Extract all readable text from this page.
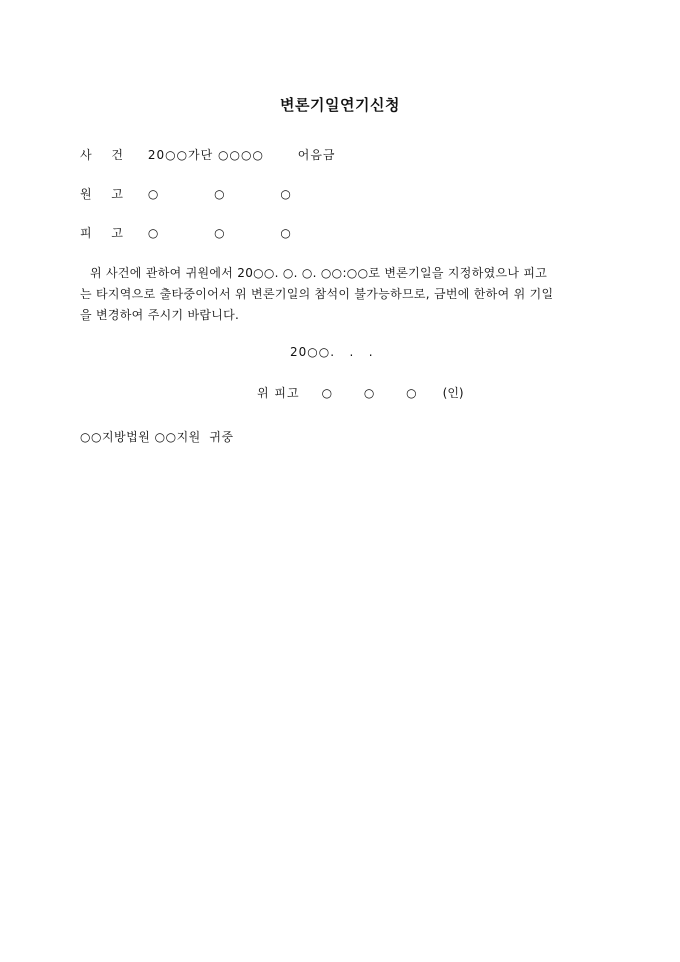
변론기일연기신청
사 건 20○○가단 ○○○○	어음금
원 고 ○ ○ ○
피 고 ○ ○ ○
위 사건에 관하여 귀원에서 20○○. ○. ○. ○○:○○로 변론기일을 지정하였으나 피고
는 타지역으로 출타중이어서 위 변론기일의 참석이 불가능하므로, 금번에 한하여 위 기일
을 변경하여 주시기 바랍니다.
20○○.   .   .
위 피고 ○ ○ ○ (인)
○○지방법원 ○○지원  귀중
